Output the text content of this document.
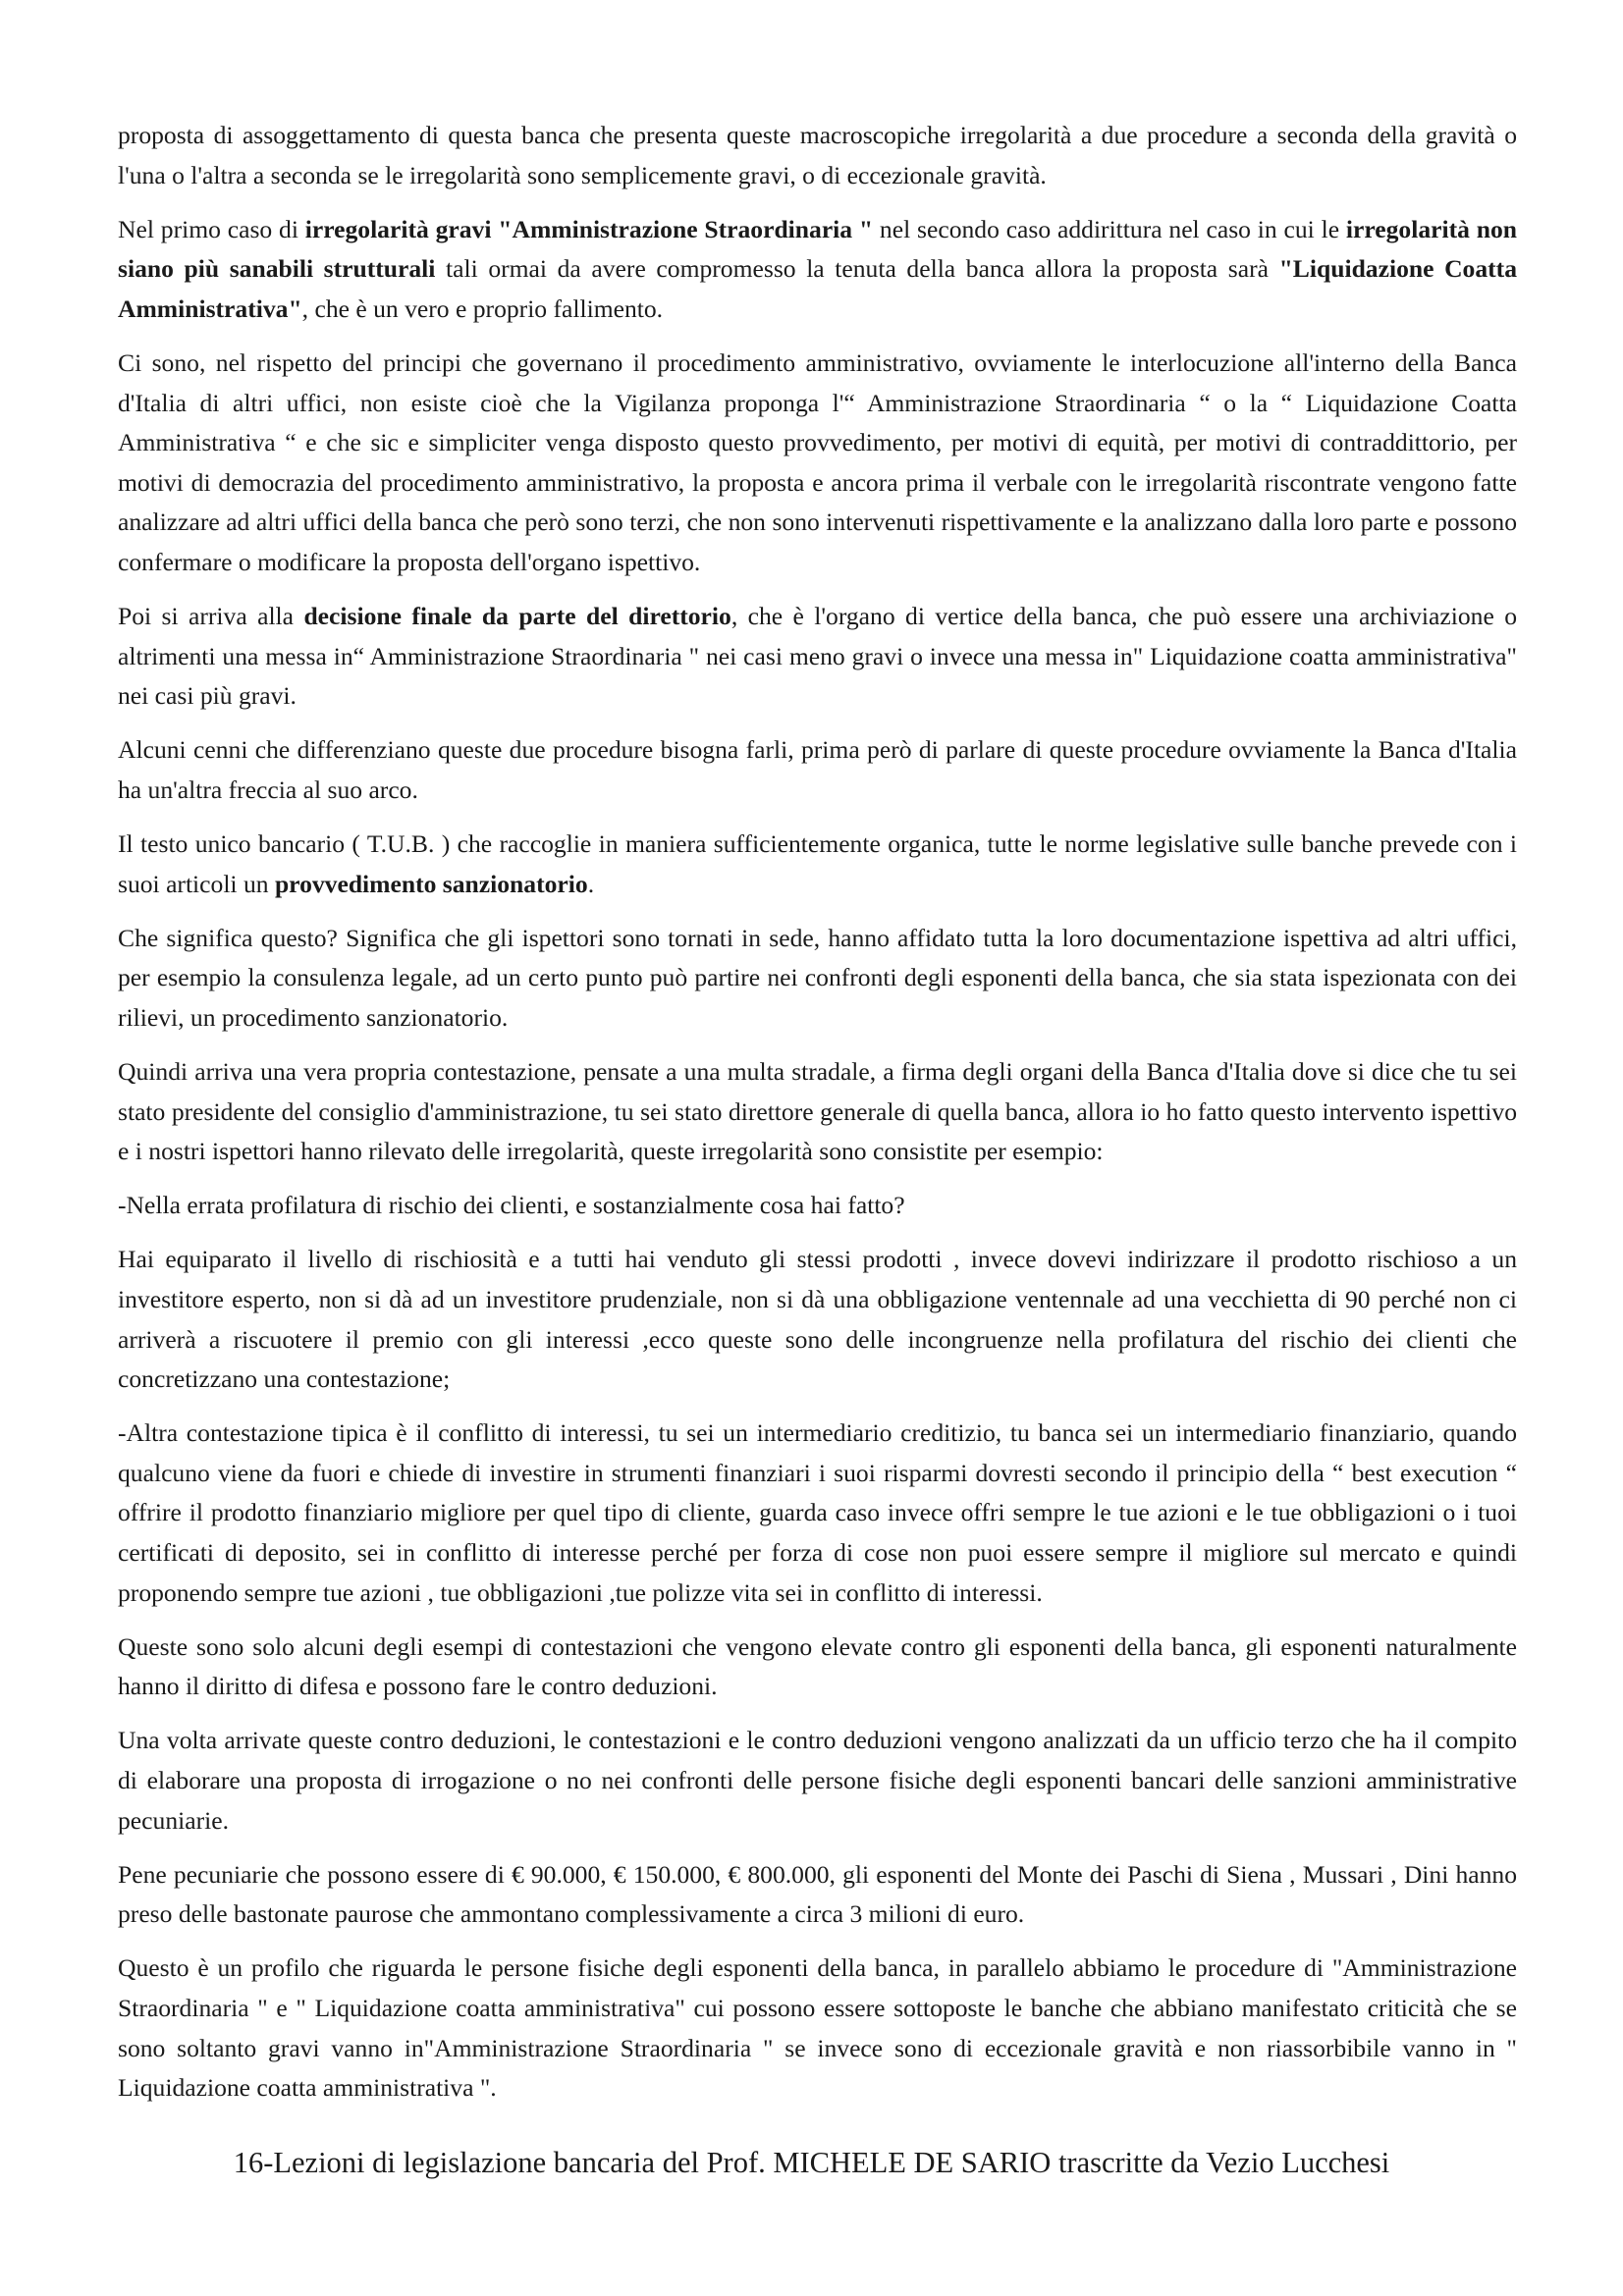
proposta di assoggettamento di questa banca che presenta queste macroscopiche irregolarità a due procedure a seconda della gravità o l'una o l'altra a seconda se le irregolarità sono semplicemente gravi, o di eccezionale gravità.

Nel primo caso di irregolarità gravi "Amministrazione Straordinaria " nel secondo caso addirittura nel caso in cui le irregolarità non siano più sanabili strutturali tali ormai da avere compromesso la tenuta della banca allora la proposta sarà "Liquidazione Coatta Amministrativa", che è un vero e proprio fallimento.

Ci sono, nel rispetto del principi che governano il procedimento amministrativo, ovviamente le interlocuzione all'interno della Banca d'Italia di altri uffici, non esiste cioè che la Vigilanza proponga l'“ Amministrazione Straordinaria “ o la “ Liquidazione Coatta Amministrativa “ e che sic e simpliciter venga disposto questo provvedimento, per motivi di equità, per motivi di contraddittorio, per motivi di democrazia del procedimento amministrativo, la proposta e ancora prima il verbale con le irregolarità riscontrate vengono fatte analizzare ad altri uffici della banca che però sono terzi, che non sono intervenuti rispettivamente e la analizzano dalla loro parte e possono confermare o modificare la proposta dell'organo ispettivo.

Poi si arriva alla decisione finale da parte del direttorio, che è l'organo di vertice della banca, che può essere una archiviazione o altrimenti una messa in“ Amministrazione Straordinaria " nei casi meno gravi o invece una messa in" Liquidazione coatta amministrativa" nei casi più gravi.

Alcuni cenni che differenziano queste due procedure bisogna farli, prima però di parlare di queste procedure ovviamente la Banca d'Italia ha un'altra freccia al suo arco.

Il testo unico bancario ( T.U.B. ) che raccoglie in maniera sufficientemente organica, tutte le norme legislative sulle banche prevede con i suoi articoli un provvedimento sanzionatorio.

Che significa questo? Significa che gli ispettori sono tornati in sede, hanno affidato tutta la loro documentazione ispettiva ad altri uffici, per esempio la consulenza legale, ad un certo punto può partire nei confronti degli esponenti della banca, che sia stata ispezionata con dei rilievi, un procedimento sanzionatorio.

Quindi arriva una vera propria contestazione, pensate a una multa stradale, a firma degli organi della Banca d'Italia dove si dice che tu sei stato presidente del consiglio d'amministrazione, tu sei stato direttore generale di quella banca, allora io ho fatto questo intervento ispettivo e i nostri ispettori hanno rilevato delle irregolarità, queste irregolarità sono consistite per esempio:

-Nella errata profilatura di rischio dei clienti, e sostanzialmente cosa hai fatto?

Hai equiparato il livello di rischiosità e a tutti hai venduto gli stessi prodotti , invece dovevi indirizzare il prodotto rischioso a un investitore esperto, non si dà ad un investitore prudenziale, non si dà una obbligazione ventennale ad una vecchietta di 90 perché non ci arriverà a riscuotere il premio con gli interessi ,ecco queste sono delle incongruenze nella profilatura del rischio dei clienti che concretizzano una contestazione;

-Altra contestazione tipica è il conflitto di interessi, tu sei un intermediario creditizio, tu banca sei un intermediario finanziario, quando qualcuno viene da fuori e chiede di investire in strumenti finanziari i suoi risparmi dovresti secondo il principio della “ best execution “ offrire il prodotto finanziario migliore per quel tipo di cliente, guarda caso invece offri sempre le tue azioni e le tue obbligazioni o i tuoi certificati di deposito, sei in conflitto di interesse perché per forza di cose non puoi essere sempre il migliore sul mercato e quindi proponendo sempre tue azioni , tue obbligazioni ,tue polizze vita sei in conflitto di interessi.

Queste sono solo alcuni degli esempi di contestazioni che vengono elevate contro gli esponenti della banca, gli esponenti naturalmente hanno il diritto di difesa e possono fare le contro deduzioni.

Una volta arrivate queste contro deduzioni, le contestazioni e le contro deduzioni vengono analizzati da un ufficio terzo che ha il compito di elaborare una proposta di irrogazione o no nei confronti delle persone fisiche degli esponenti bancari delle sanzioni amministrative pecuniarie.

Pene pecuniarie che possono essere di € 90.000, € 150.000, € 800.000, gli esponenti del Monte dei Paschi di Siena , Mussari , Dini hanno preso delle bastonate paurose che ammontano complessivamente a circa 3 milioni di euro.

Questo è un profilo che riguarda le persone fisiche degli esponenti della banca, in parallelo abbiamo le procedure di "Amministrazione Straordinaria " e " Liquidazione coatta amministrativa" cui possono essere sottoposte le banche che abbiano manifestato criticità che se sono soltanto gravi vanno in"Amministrazione Straordinaria " se invece sono di eccezionale gravità e non riassorbibile vanno in " Liquidazione coatta amministrativa ".

16-Lezioni di legislazione bancaria del Prof. MICHELE DE SARIO trascritte da Vezio Lucchesi
